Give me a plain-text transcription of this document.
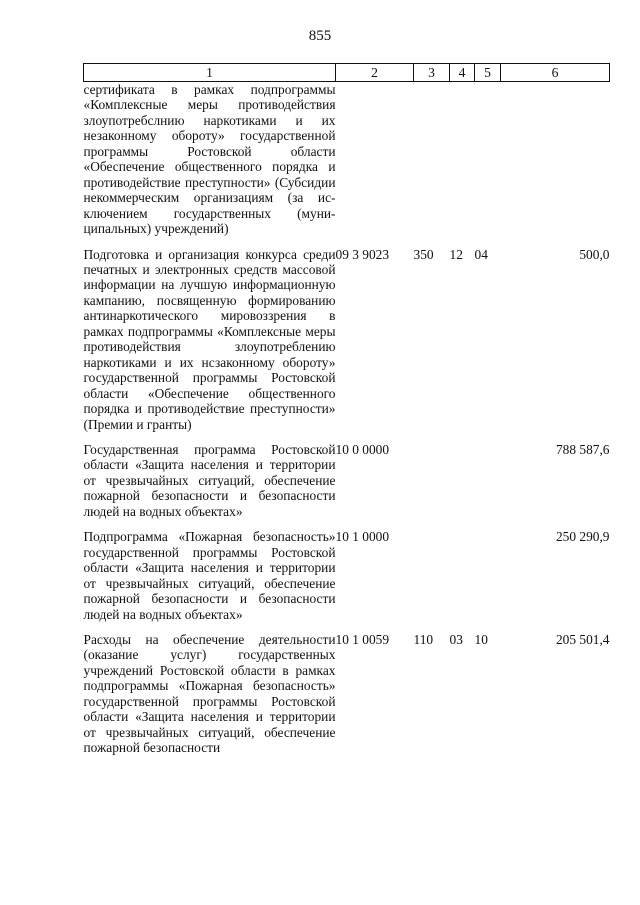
855
1	2	3	4	5	6
сертификата в рамках подпрограммы «Комплексные меры противодействия злоупотребслнию наркотиками и их незаконному обороту» государственной программы Ростовской области «Обеспечение общественного порядка и противодействие преступности» (Субсидии некоммерческим организациям (за исключением государственных (муниципальных) учреждений)					
Подготовка и организация конкурса среди печатных и электронных средств массовой информации на лучшую информационную кампанию, посвященную формированию антинаркотического мировоззрения в рамках подпрограммы «Комплексные меры противодействия злоупотреблению наркотиками и их нсзаконному обороту» государственной программы Ростовской области «Обеспечение общественного порядка и противодействие преступности» (Премии и гранты)	09 3 9023	350	12	04	500,0
Государственная программа Ростовской области «Защита населения и территории от чрезвычайных ситуаций, обеспечение пожарной безопасности и безопасности людей на водных объектах»	10 0 0000				788 587,6
Подпрограмма «Пожарная безопасность» государственной программы Ростовской области «Защита населения и территории от чрезвычайных ситуаций, обеспечение пожарной безопасности и безопасности людей на водных объектах»	10 1 0000				250 290,9
Расходы на обеспечение деятельности (оказание услуг) государственных учреждений Ростовской области в рамках подпрограммы «Пожарная безопасность» государственной программы Ростовской области «Защита населения и территории от чрезвычайных ситуаций, обеспечение пожарной безопасности	10 1 0059	110	03	10	205 501,4
